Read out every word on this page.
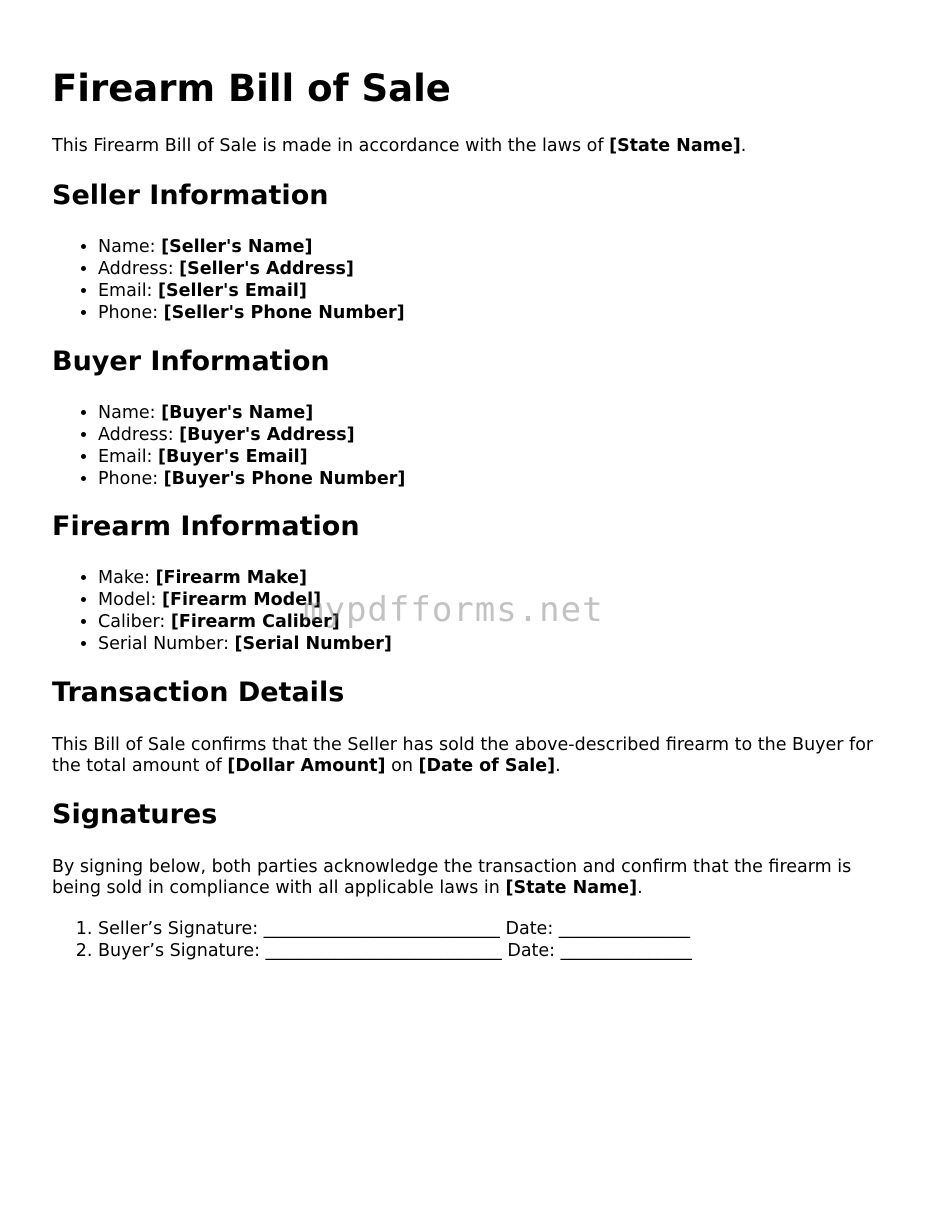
Firearm Bill of Sale

This Firearm Bill of Sale is made in accordance with the laws of [State Name].

Seller Information
• Name: [Seller's Name]
• Address: [Seller's Address]
• Email: [Seller's Email]
• Phone: [Seller's Phone Number]
Buyer Information
• Name: [Buyer's Name]
• Address: [Buyer's Address]
• Email: [Buyer's Email]
• Phone: [Buyer's Phone Number]
Firearm Information
• Make: [Firearm Make]
• Model: [Firearm Model]
• Caliber: [Firearm Caliber]
• Serial Number: [Serial Number]
Transaction Details

This Bill of Sale confirms that the Seller has sold the above-described firearm to the Buyer for the total amount of [Dollar Amount] on [Date of Sale].

Signatures

By signing below, both parties acknowledge the transaction and confirm that the firearm is being sold in compliance with all applicable laws in [State Name].

1. Seller’s Signature: ___________________________ Date: _______________
2. Buyer’s Signature: ___________________________ Date: _______________
mypdfforms.net
